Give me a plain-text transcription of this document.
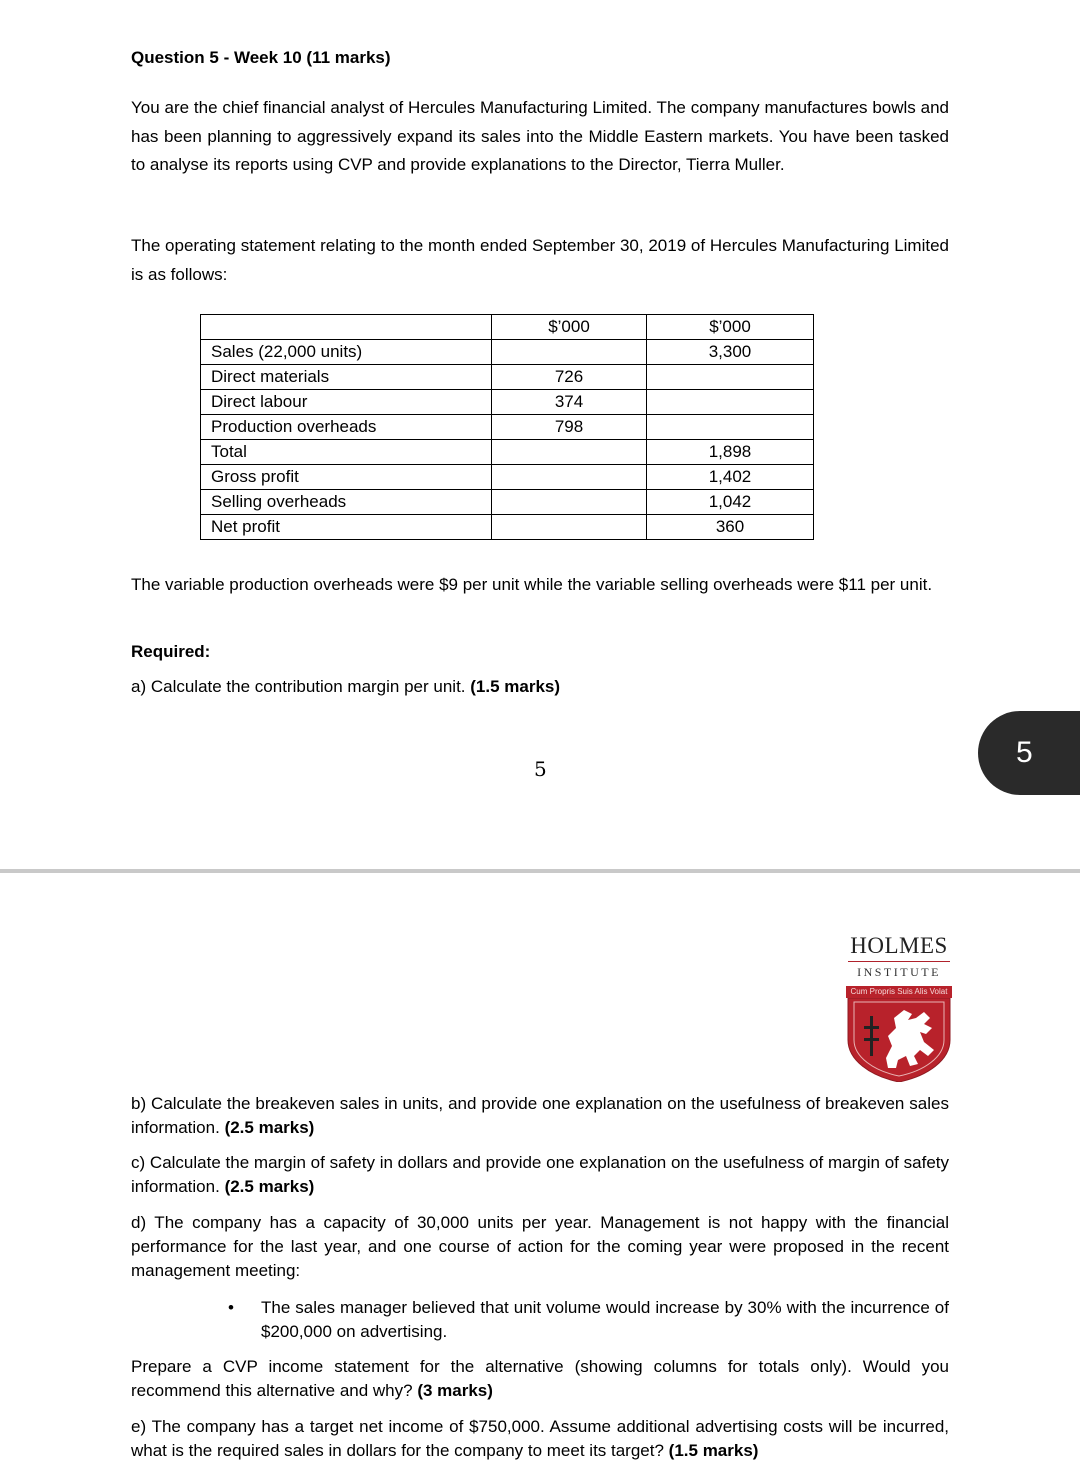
Question 5 - Week 10 (11 marks)
You are the chief financial analyst of Hercules Manufacturing Limited. The company manufactures bowls and has been planning to aggressively expand its sales into the Middle Eastern markets. You have been tasked to analyse its reports using CVP and provide explanations to the Director, Tierra Muller.
The operating statement relating to the month ended September 30, 2019 of Hercules Manufacturing Limited is as follows:
	$’000	$’000
Sales (22,000 units)		3,300
Direct materials	726	
Direct labour	374	
Production overheads	798	
Total		1,898
Gross profit		1,402
Selling overheads		1,042
Net profit		360
The variable production overheads were $9 per unit while the variable selling overheads were $11 per unit.
Required:
a) Calculate the contribution margin per unit. (1.5 marks)
5	5
HOLMES
INSTITUTE
Cum Propris Suis Alis Volat
b) Calculate the breakeven sales in units, and provide one explanation on the usefulness of breakeven sales information. (2.5 marks)
c) Calculate the margin of safety in dollars and provide one explanation on the usefulness of margin of safety information. (2.5 marks)
d) The company has a capacity of 30,000 units per year. Management is not happy with the financial performance for the last year, and one course of action for the coming year were proposed in the recent management meeting:
• The sales manager believed that unit volume would increase by 30% with the incurrence of $200,000 on advertising.
Prepare a CVP income statement for the alternative (showing columns for totals only). Would you recommend this alternative and why? (3 marks)
e) The company has a target net income of $750,000. Assume additional advertising costs will be incurred, what is the required sales in dollars for the company to meet its target? (1.5 marks)
